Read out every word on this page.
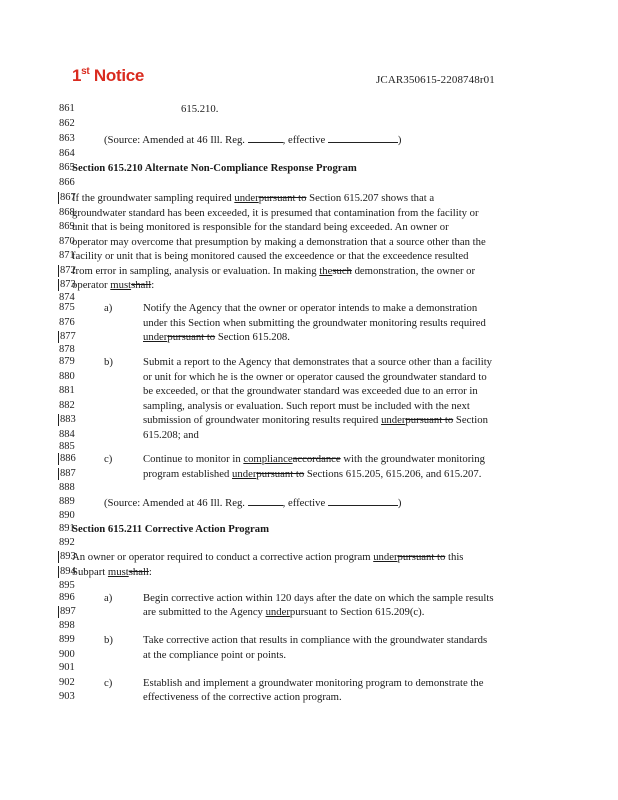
1st Notice	JCAR350615-2208748r01
861
862
863
864
865
866
867
868
869
870
871
872
873
874
875
876
877
878
879
880
881
882
883
884
885
886
887
888
889
890
891
892
893
894
895
896
897
898
899
900
901
902
903
615.210.
(Source: Amended at 46 Ill. Reg.	, effective	)
Section 615.210 Alternate Non-Compliance Response Program
If the groundwater sampling required underpursuant to Section 615.207 shows that a
groundwater standard has been exceeded, it is presumed that contamination from the facility or
unit that is being monitored is responsible for the standard being exceeded. An owner or
operator may overcome that presumption by making a demonstration that a source other than the
facility or unit that is being monitored caused the exceedence or that the exceedence resulted
from error in sampling, analysis or evaluation. In making thesuch demonstration, the owner or
operator mustshall:
a)	Notify the Agency that the owner or operator intends to make a demonstration
under this Section when submitting the groundwater monitoring results required
underpursuant to Section 615.208.
b)	Submit a report to the Agency that demonstrates that a source other than a facility
or unit for which he is the owner or operator caused the groundwater standard to
be exceeded, or that the groundwater standard was exceeded due to an error in
sampling, analysis or evaluation. Such report must be included with the next
submission of groundwater monitoring results required underpursuant to Section
615.208; and
c)	Continue to monitor in complianceaccordance with the groundwater monitoring
program established underpursuant to Sections 615.205, 615.206, and 615.207.
(Source: Amended at 46 Ill. Reg.	, effective	)
Section 615.211 Corrective Action Program
An owner or operator required to conduct a corrective action program underpursuant to this
Subpart mustshall:
a)	Begin corrective action within 120 days after the date on which the sample results
are submitted to the Agency underpursuant to Section 615.209(c).
b)	Take corrective action that results in compliance with the groundwater standards
at the compliance point or points.
c)	Establish and implement a groundwater monitoring program to demonstrate the
effectiveness of the corrective action program.
